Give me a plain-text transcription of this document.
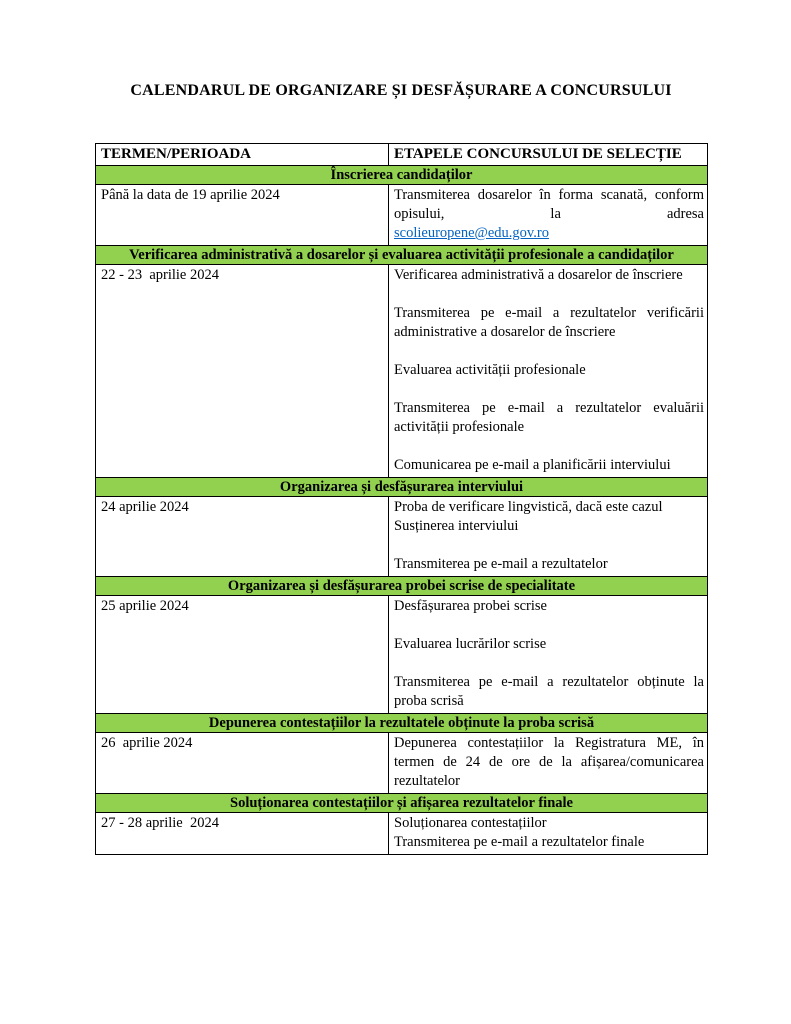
CALENDARUL DE ORGANIZARE ȘI DESFĂȘURARE A CONCURSULUI
TERMEN/PERIOADA	ETAPELE CONCURSULUI DE SELECȚIE
Înscrierea candidaților	

Până la data de 19 aprilie 2024	Transmiterea dosarelor în forma scanată, conform opisului, la adresa scolieuropene@edu.gov.ro

Verificarea administrativă a dosarelor și evaluarea activității profesionale a candidaților	

22 - 23  aprilie 2024	Verificarea administrativă a dosarelor de înscriere

Transmiterea pe e-mail a rezultatelor verificării administrative a dosarelor de înscriere

Evaluarea activității profesionale

Transmiterea pe e-mail a rezultatelor evaluării activității profesionale

Comunicarea pe e-mail a planificării interviului

Organizarea și desfășurarea interviului	

24 aprilie 2024	Proba de verificare lingvistică, dacă este cazul

Susținerea interviului

Transmiterea pe e-mail a rezultatelor

Organizarea și desfășurarea probei scrise de specialitate	

25 aprilie 2024	Desfășurarea probei scrise

Evaluarea lucrărilor scrise

Transmiterea pe e-mail a rezultatelor obținute la proba scrisă

Depunerea contestațiilor la rezultatele obținute la proba scrisă	

26  aprilie 2024	Depunerea contestațiilor la Registratura ME, în termen de 24 de ore de la afișarea/comunicarea rezultatelor

Soluționarea contestațiilor și afișarea rezultatelor finale	

27 - 28 aprilie  2024	Soluționarea contestațiilor

Transmiterea pe e-mail a rezultatelor finale
